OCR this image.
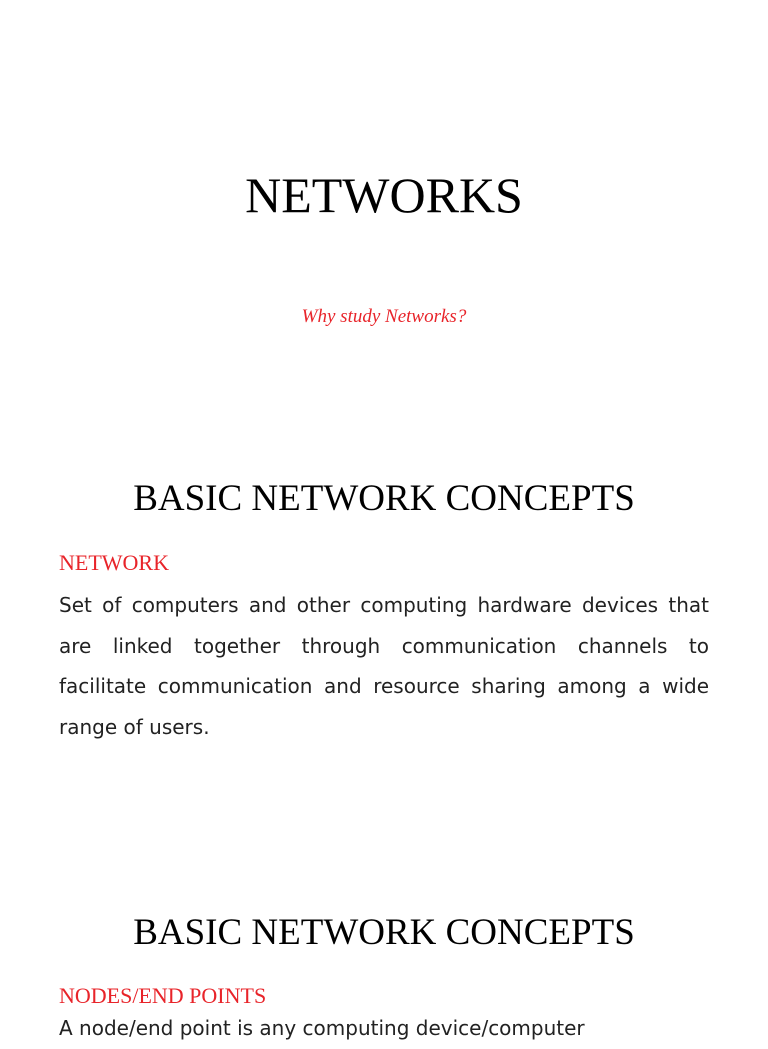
NETWORKS
Why study Networks?
BASIC NETWORK CONCEPTS
NETWORK

Set of computers and other computing hardware devices that are linked together through communication channels to facilitate communication and resource sharing among a wide range of users.

BASIC NETWORK CONCEPTS
NODES/END POINTS

A node/end point is any computing device/computer
